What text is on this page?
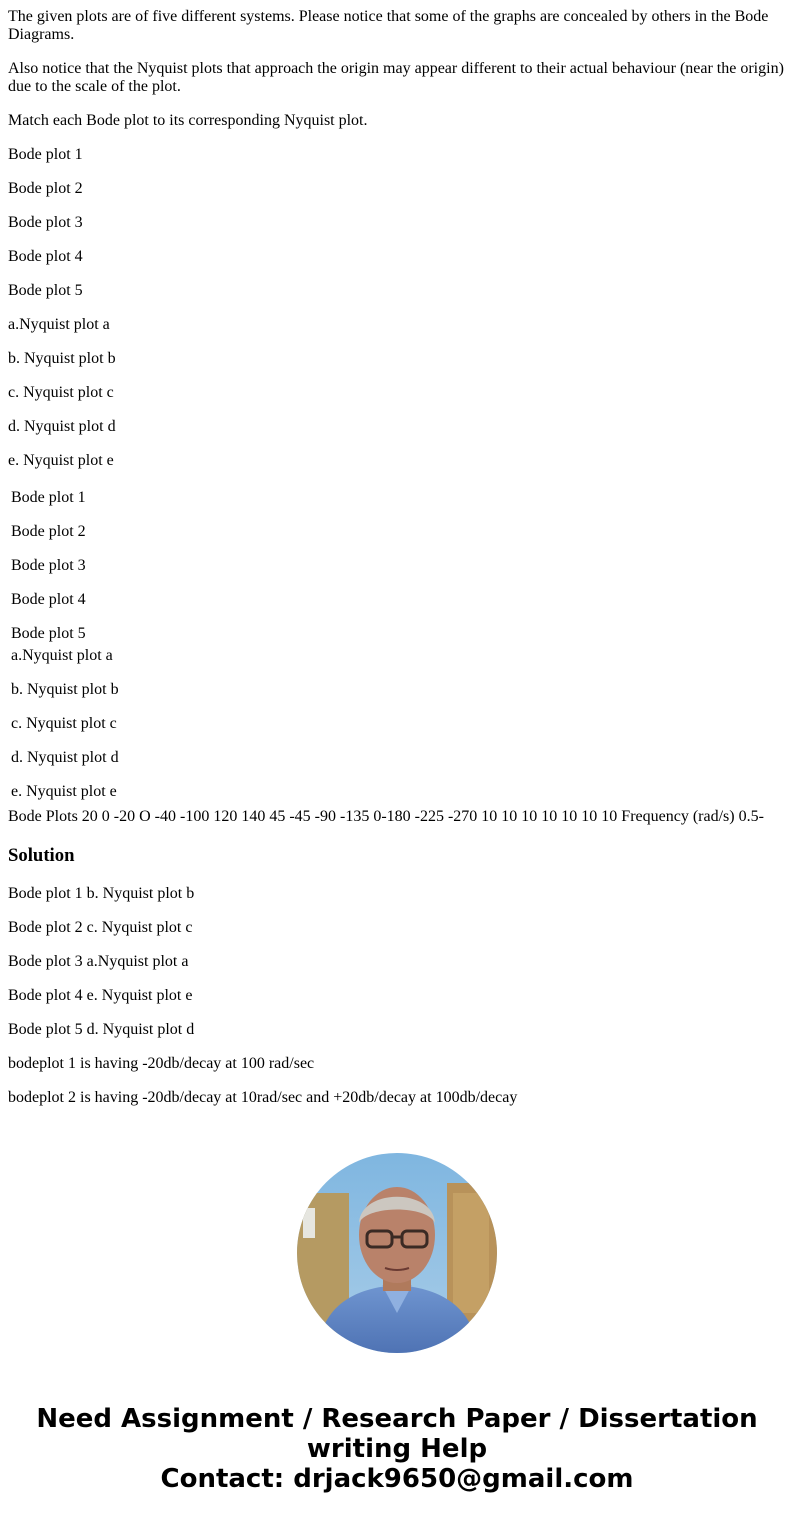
The given plots are of five different systems. Please notice that some of the graphs are concealed by others in the Bode Diagrams.

Also notice that the Nyquist plots that approach the origin may appear different to their actual behaviour (near the origin) due to the scale of the plot.

Match each Bode plot to its corresponding Nyquist plot.

Bode plot 1

Bode plot 2

Bode plot 3

Bode plot 4

Bode plot 5

a.Nyquist plot a

b. Nyquist plot b

c. Nyquist plot c

d. Nyquist plot d

e. Nyquist plot e

Bode plot 1

Bode plot 2

Bode plot 3

Bode plot 4

Bode plot 5

a.Nyquist plot a

b. Nyquist plot b

c. Nyquist plot c

d. Nyquist plot d

e. Nyquist plot e

Bode Plots 20 0 -20 O -40 -100 120 140 45 -45 -90 -135 0-180 -225 -270 10 10 10 10 10 10 10 Frequency (rad/s) 0.5-

Solution

Bode plot 1 b. Nyquist plot b

Bode plot 2 c. Nyquist plot c

Bode plot 3 a.Nyquist plot a

Bode plot 4 e. Nyquist plot e

Bode plot 5 d. Nyquist plot d

bodeplot 1 is having -20db/decay at 100 rad/sec

bodeplot 2 is having -20db/decay at 10rad/sec and +20db/decay at 100db/decay

Need Assignment / Research Paper / Dissertation
writing Help
Contact: drjack9650@gmail.com
